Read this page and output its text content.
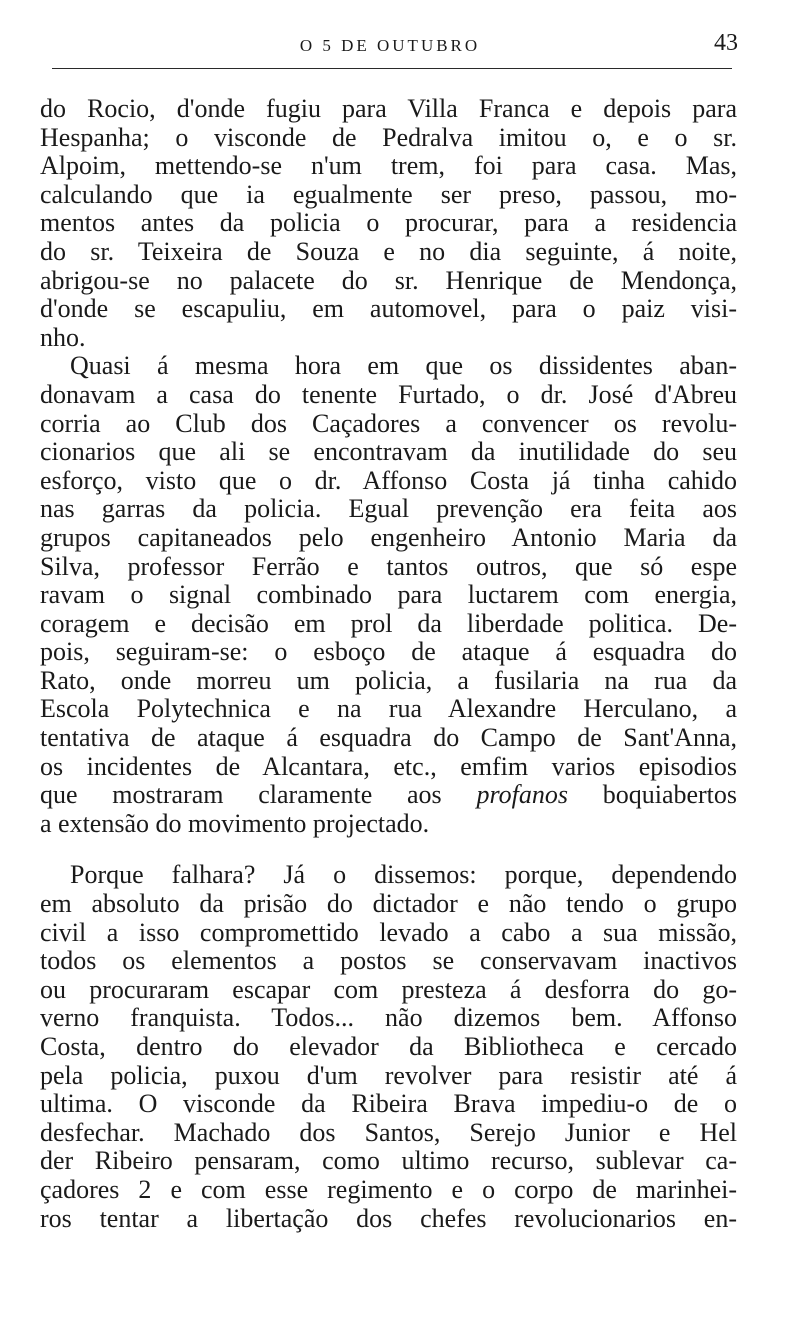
O 5 DE OUTUBRO	43
do Rocio, d'onde fugiu para Villa Franca e depois para
Hespanha; o visconde de Pedralva imitou o, e o sr.
Alpoim, mettendo-se n'um trem, foi para casa. Mas,
calculando que ia egualmente ser preso, passou, mo-
mentos antes da policia o procurar, para a residencia
do sr. Teixeira de Souza e no dia seguinte, á noite,
abrigou-se no palacete do sr. Henrique de Mendonça,
d'onde se escapuliu, em automovel, para o paiz visi-
nho.
Quasi á mesma hora em que os dissidentes aban-
donavam a casa do tenente Furtado, o dr. José d'Abreu
corria ao Club dos Caçadores a convencer os revolu-
cionarios que ali se encontravam da inutilidade do seu
esforço, visto que o dr. Affonso Costa já tinha cahido
nas garras da policia. Egual prevenção era feita aos
grupos capitaneados pelo engenheiro Antonio Maria da
Silva, professor Ferrão e tantos outros, que só espe
ravam o signal combinado para luctarem com energia,
coragem e decisão em prol da liberdade politica. De-
pois, seguiram-se: o esboço de ataque á esquadra do
Rato, onde morreu um policia, a fusilaria na rua da
Escola Polytechnica e na rua Alexandre Herculano, a
tentativa de ataque á esquadra do Campo de Sant'Anna,
os incidentes de Alcantara, etc., emfim varios episodios
que mostraram claramente aos profanos boquiabertos
a extensão do movimento projectado.
Porque falhara? Já o dissemos: porque, dependendo
em absoluto da prisão do dictador e não tendo o grupo
civil a isso compromettido levado a cabo a sua missão,
todos os elementos a postos se conservavam inactivos
ou procuraram escapar com presteza á desforra do go-
verno franquista. Todos... não dizemos bem. Affonso
Costa, dentro do elevador da Bibliotheca e cercado
pela policia, puxou d'um revolver para resistir até á
ultima. O visconde da Ribeira Brava impediu-o de o
desfechar. Machado dos Santos, Serejo Junior e Hel
der Ribeiro pensaram, como ultimo recurso, sublevar ca-
çadores 2 e com esse regimento e o corpo de marinhei-
ros tentar a libertação dos chefes revolucionarios en-
